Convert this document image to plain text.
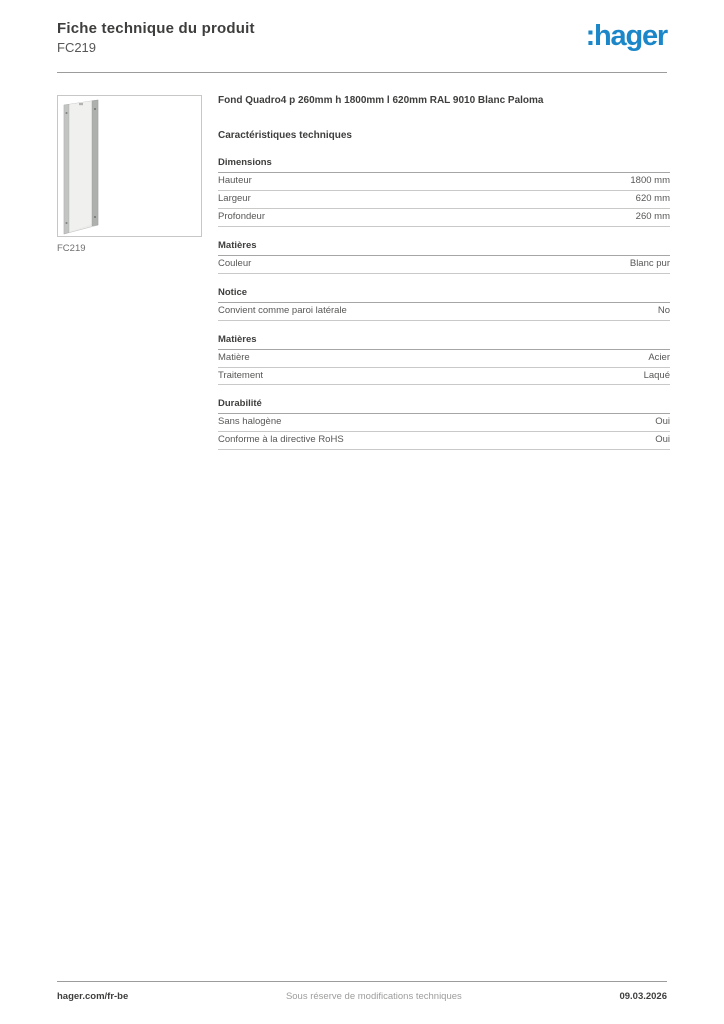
Fiche technique du produit
FC219	:hager
FC219
Fond Quadro4 p 260mm h 1800mm l 620mm RAL 9010 Blanc Paloma
Caractéristiques techniques
Dimensions
Hauteur	1800 mm
Largeur	620 mm
Profondeur	260 mm
Matières
Couleur	Blanc pur
Notice
Convient comme paroi latérale	No
Matières
Matière	Acier
Traitement	Laqué
Durabilité
Sans halogène	Oui
Conforme à la directive RoHS	Oui
hager.com/fr-be	Sous réserve de modifications techniques	09.03.2026
